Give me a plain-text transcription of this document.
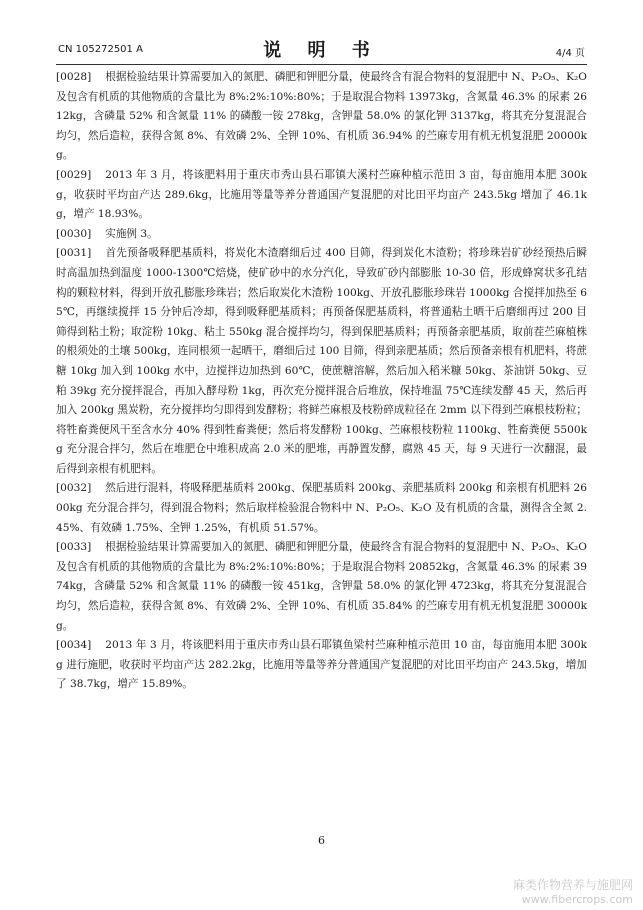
CN 105272501 A	说 明 书	4/4 页

[0028] 根据检验结果计算需要加入的氮肥、磷肥和钾肥分量，使最终含有混合物料的复混肥中 N、P₂O₅、K₂O 及包含有机质的其他物质的含量比为 8%:2%:10%:80%；于是取混合物料 13973kg，含氮量 46.3% 的尿素 2612kg，含磷量 52% 和含氮量 11% 的磷酸一铵 278kg，含钾量 58.0% 的氯化钾 3137kg，将其充分复混混合均匀，然后造粒，获得含氮 8%、有效磷 2%、全钾 10%、有机质 36.94% 的苎麻专用有机无机复混肥 20000kg。

[0029] 2013 年 3 月，将该肥料用于重庆市秀山县石耶镇大溪村苎麻种植示范田 3 亩，每亩施用本肥 300kg，收获时平均亩产达 289.6kg，比施用等量等养分普通国产复混肥的对比田平均亩产 243.5kg 增加了 46.1kg，增产 18.93%。

[0030] 实施例 3。

[0031] 首先预备吸释肥基质料，将炭化木渣磨细后过 400 目筛，得到炭化木渣粉；将珍珠岩矿砂经预热后瞬时高温加热到温度 1000-1300℃焙烧，使矿砂中的水分汽化，导致矿砂内部膨胀 10-30 倍，形成蜂窝状多孔结构的颗粒材料，得到开放孔膨胀珍珠岩；然后取炭化木渣粉 100kg、开放孔膨胀珍珠岩 1000kg 合搅拌加热至 65℃，再继续搅拌 15 分钟后冷却，得到吸释肥基质料；再预备保肥基质料，将普通粘土晒干后磨细再过 200 目筛得到粘土粉；取淀粉 10kg、粘土 550kg 混合搅拌均匀，得到保肥基质料；再预备亲肥基质，取前茬苎麻植株的根须处的土壤 500kg，连同根须一起晒干，磨细后过 100 目筛，得到亲肥基质；然后预备亲根有机肥料，将蔗糖 10kg 加入到 100kg 水中，边搅拌边加热到 60℃，使蔗糖溶解，然后加入稻米糠 50kg、茶油饼 50kg、豆粕 39kg 充分搅拌混合，再加入酵母粉 1kg，再次充分搅拌混合后堆放，保持堆温 75℃连续发酵 45 天，然后再加入 200kg 黑炭粉，充分搅拌均匀即得到发酵粉；将鲜苎麻根及枝粉碎成粒径在 2mm 以下得到苎麻根枝粉粒；将牲畜粪便风干至含水分 40% 得到牲畜粪便；然后将发酵粉 100kg、苎麻根枝粉粒 1100kg、牲畜粪便 5500kg 充分混合拌匀，然后在堆肥仓中堆积成高 2.0 米的肥堆，再静置发酵，腐熟 45 天，每 9 天进行一次翻混，最后得到亲根有机肥料。

[0032] 然后进行混料，将吸释肥基质料 200kg、保肥基质料 200kg、亲肥基质料 200kg 和亲根有机肥料 2600kg 充分混合拌匀，得到混合物料；然后取样检验混合物料中 N、P₂O₅、K₂O 及有机质的含量，测得含全氮 2.45%、有效磷 1.75%、全钾 1.25%，有机质 51.57%。

[0033] 根据检验结果计算需要加入的氮肥、磷肥和钾肥分量，使最终含有混合物料的复混肥中 N、P₂O₅、K₂O 及包含有机质的其他物质的含量比为 8%:2%:10%:80%；于是取混合物料 20852kg，含氮量 46.3% 的尿素 3974kg，含磷量 52% 和含氮量 11% 的磷酸一铵 451kg，含钾量 58.0% 的氯化钾 4723kg，将其充分复混混合均匀，然后造粒，获得含氮 8%、有效磷 2%、全钾 10%、有机质 35.84% 的苎麻专用有机无机复混肥 30000kg。

[0034] 2013 年 3 月，将该肥料用于重庆市秀山县石耶镇鱼梁村苎麻种植示范田 10 亩，每亩施用本肥 300kg 进行施肥，收获时平均亩产达 282.2kg，比施用等量等养分普通国产复混肥的对比田平均亩产 243.5kg，增加了 38.7kg，增产 15.89%。

6
麻类作物营养与施肥网
www.fibercrops.com
